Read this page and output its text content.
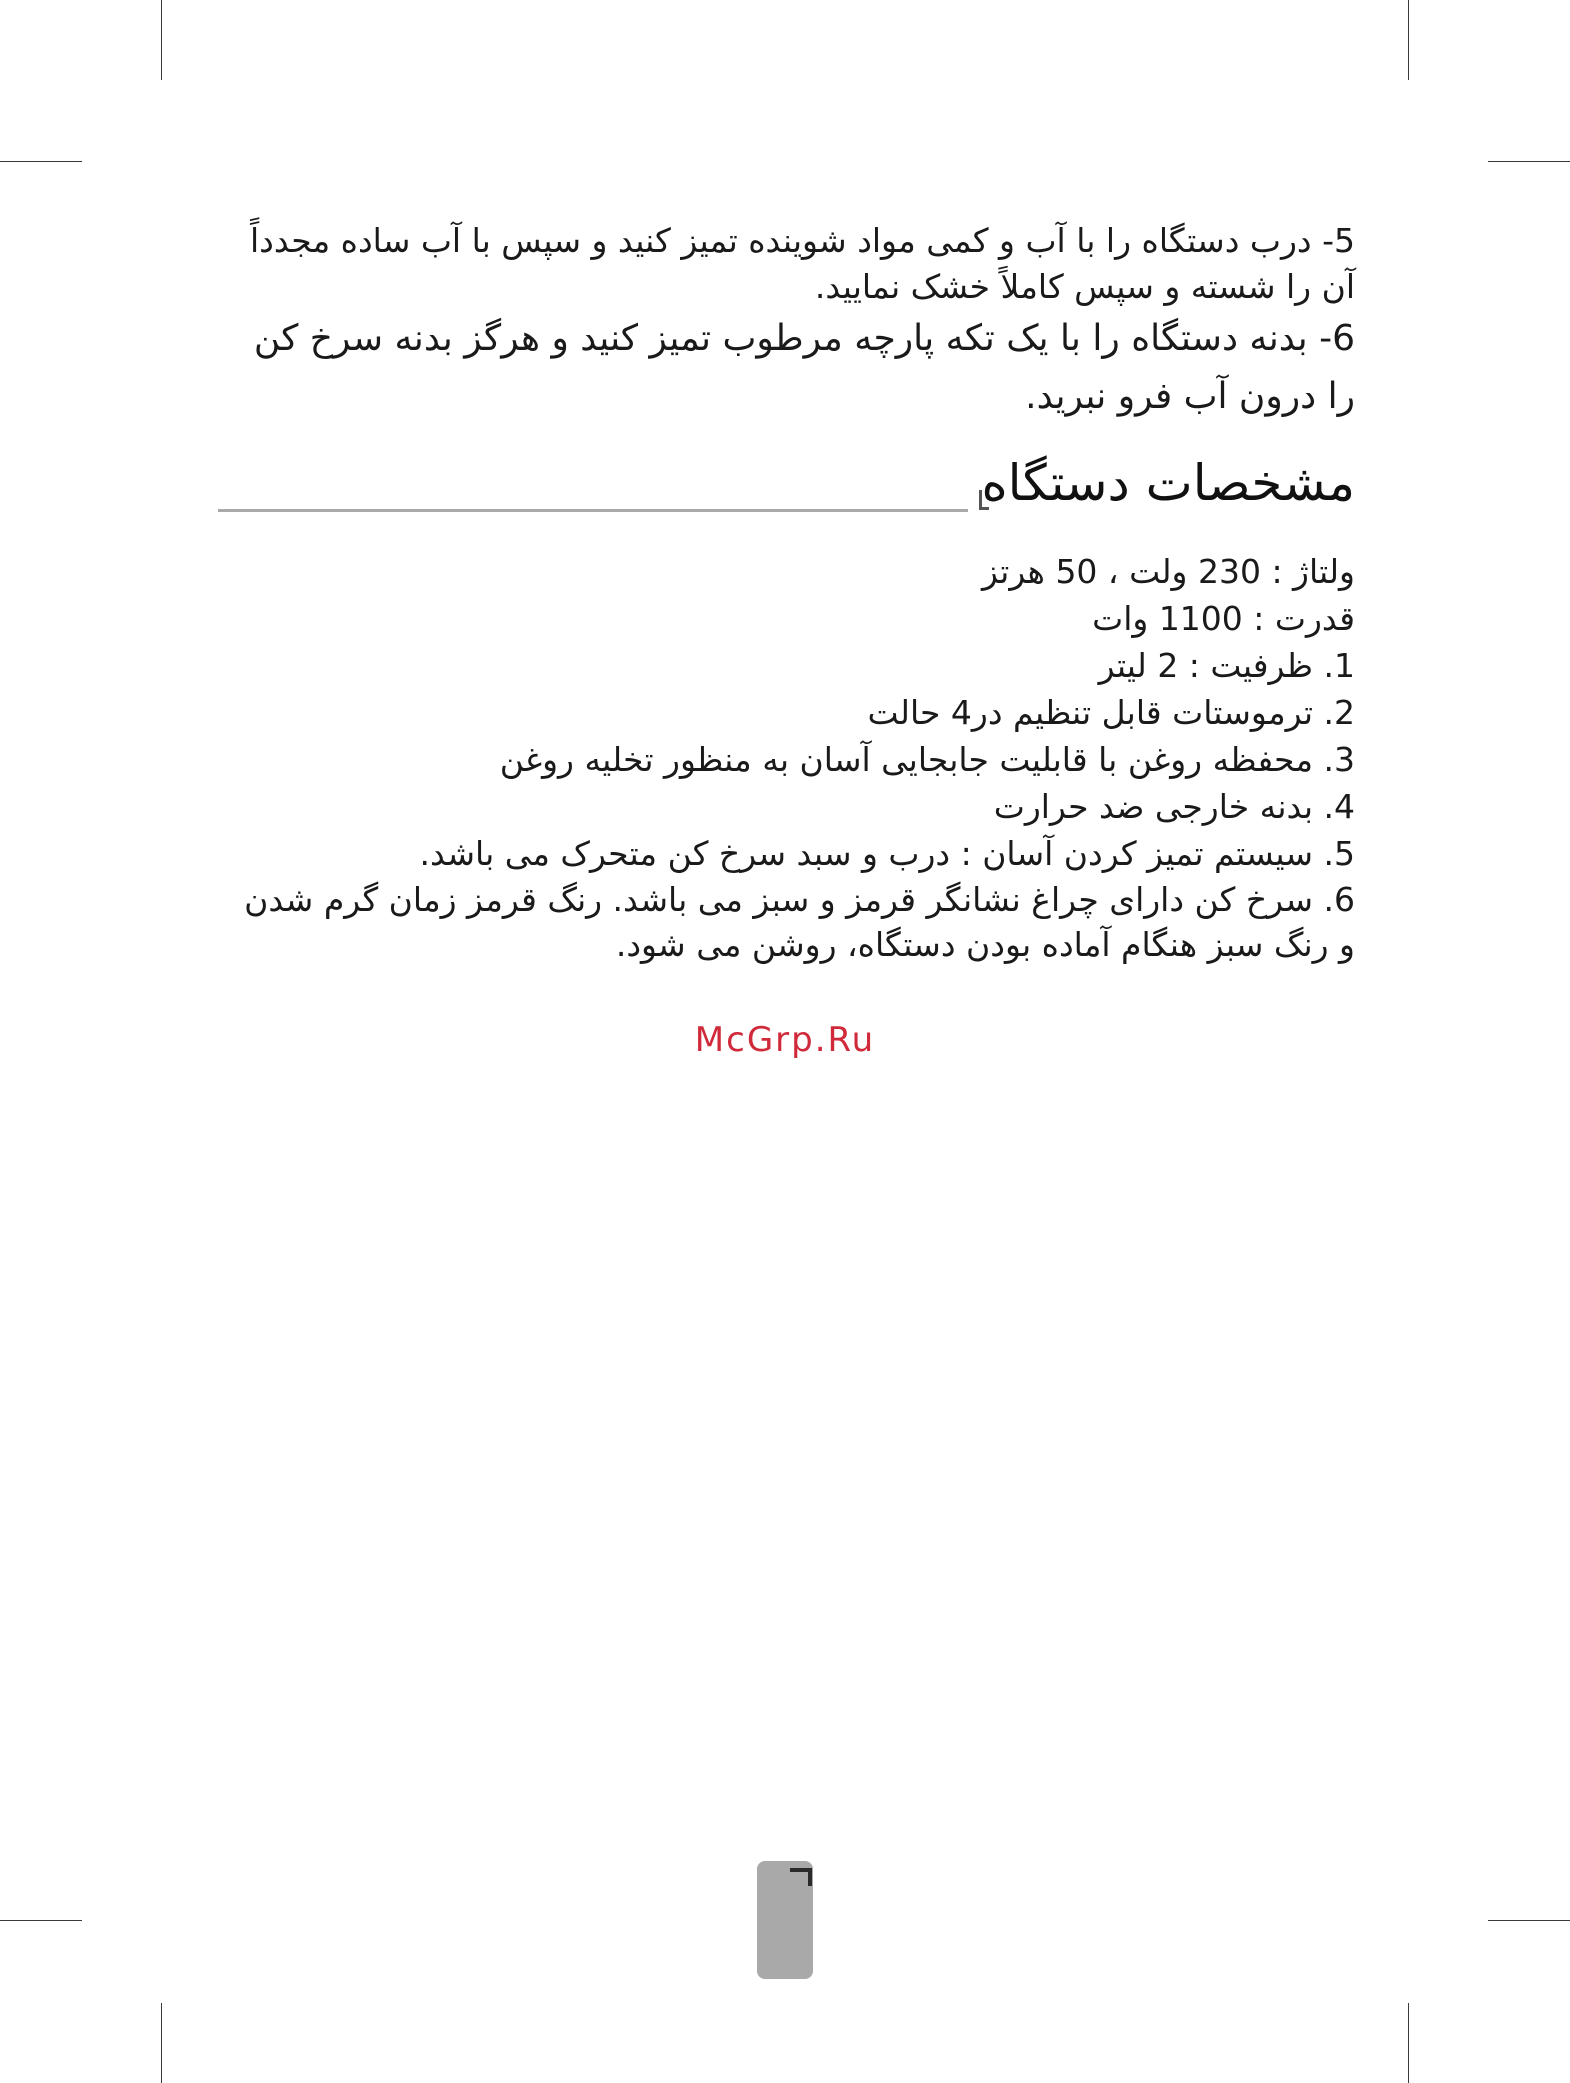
5- درب دستگاه را با آب و کمی مواد شوینده تمیز کنید و سپس با آب ساده مجدداً آن را شسته و سپس کاملاً خشک نمایید.

6- بدنه دستگاه را با یک تکه پارچه مرطوب تمیز کنید و هرگز بدنه سرخ کن را درون آب فرو نبرید.

مشخصات دستگاه

ولتاژ : 230 ولت ، 50 هرتز

قدرت : 1100 وات

1. ظرفیت : 2 لیتر

2. ترموستات قابل تنظیم در4 حالت

3. محفظه روغن با قابلیت جابجایی آسان به منظور تخلیه روغن

4. بدنه خارجی ضد حرارت

5. سیستم تمیز کردن آسان : درب و سبد سرخ کن متحرک می باشد.

6. سرخ کن دارای چراغ نشانگر قرمز و سبز می باشد. رنگ قرمز زمان گرم شدن و رنگ سبز هنگام آماده بودن دستگاه، روشن می شود.

McGrp.Ru
